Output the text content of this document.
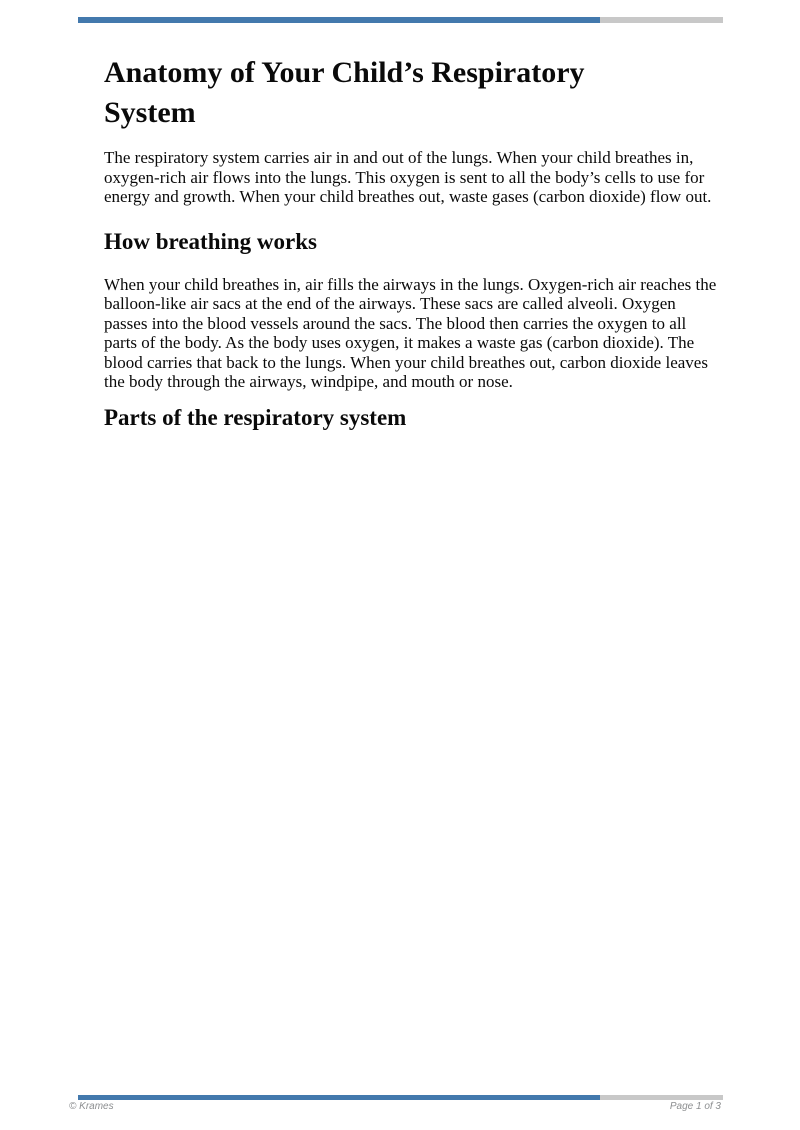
Anatomy of Your Child’s Respiratory System

The respiratory system carries air in and out of the lungs. When your child breathes in, oxygen-rich air flows into the lungs. This oxygen is sent to all the body’s cells to use for energy and growth. When your child breathes out, waste gases (carbon dioxide) flow out.

How breathing works

When your child breathes in, air fills the airways in the lungs. Oxygen-rich air reaches the balloon-like air sacs at the end of the airways. These sacs are called alveoli. Oxygen passes into the blood vessels around the sacs. The blood then carries the oxygen to all parts of the body. As the body uses oxygen, it makes a waste gas (carbon dioxide). The blood carries that back to the lungs. When your child breathes out, carbon dioxide leaves the body through the airways, windpipe, and mouth or nose.

Parts of the respiratory system
© Krames	Page 1 of 3
